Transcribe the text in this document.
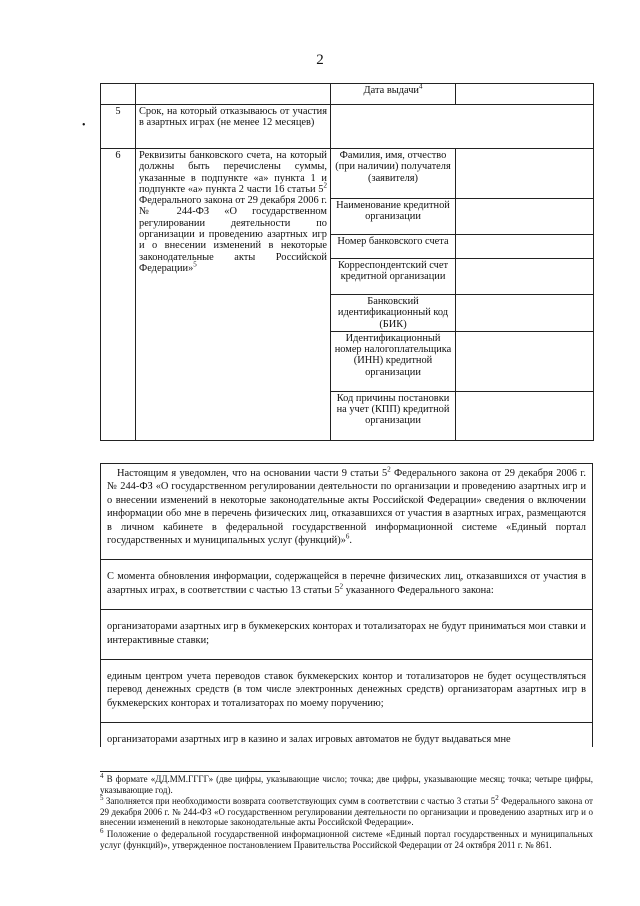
2
•
		Дата выдачи$^4$	
5	Срок, на который отказываюсь от участия в азартных играх (не менее 12 месяцев)		
6	Реквизиты банковского счета, на который должны быть перечислены суммы, указанные в подпункте «а» пункта 1 и подпункте «а» пункта 2 части 16 статьи $5^2$ Федерального закона от 29 декабря 2006 г. № 244-ФЗ «О государственном регулировании деятельности по организации и проведению азартных игр и о внесении изменений в некоторые законодательные акты Российской Федерации»$^5$	Фамилия, имя, отчество (при наличии) получателя (заявителя)	
		Наименование кредитной организации	
		Номер банковского счета	
		Корреспондентский счет кредитной организации	
		Банковский идентификационный код (БИК)	
		Идентификационный номер налогоплательщика (ИНН) кредитной организации	
		Код причины постановки на учет (КПП) кредитной организации	

Настоящим я уведомлен, что на основании части 9 статьи $5^2$ Федерального закона от 29 декабря 2006 г. № 244-ФЗ «О государственном регулировании деятельности по организации и проведению азартных игр и о внесении изменений в некоторые законодательные акты Российской Федерации» сведения о включении информации обо мне в перечень физических лиц, отказавшихся от участия в азартных играх, размещаются в личном кабинете в федеральной государственной информационной системе «Единый портал государственных и муниципальных услуг (функций)»$^6$.

С момента обновления информации, содержащейся в перечне физических лиц, отказавшихся от участия в азартных играх, в соответствии с частью 13 статьи $5^2$ указанного Федерального закона:

организаторами азартных игр в букмекерских конторах и тотализаторах не будут приниматься мои ставки и интерактивные ставки;

единым центром учета переводов ставок букмекерских контор и тотализаторов не будет осуществляться перевод денежных средств (в том числе электронных денежных средств) организаторам азартных игр в букмекерских конторах и тотализаторах по моему поручению;

организаторами азартных игр в казино и залах игровых автоматов не будут выдаваться мне

$^4$ В формате «ДД.ММ.ГГГГ» (две цифры, указывающие число; точка; две цифры, указывающие месяц; точка; четыре цифры, указывающие год).

$^5$ Заполняется при необходимости возврата соответствующих сумм в соответствии с частью 3 статьи $5^2$ Федерального закона от 29 декабря 2006 г. № 244-ФЗ «О государственном регулировании деятельности по организации и проведению азартных игр и о внесении изменений в некоторые законодательные акты Российской Федерации».

$^6$ Положение о федеральной государственной информационной системе «Единый портал государственных и муниципальных услуг (функций)», утвержденное постановлением Правительства Российской Федерации от 24 октября 2011 г. № 861.
